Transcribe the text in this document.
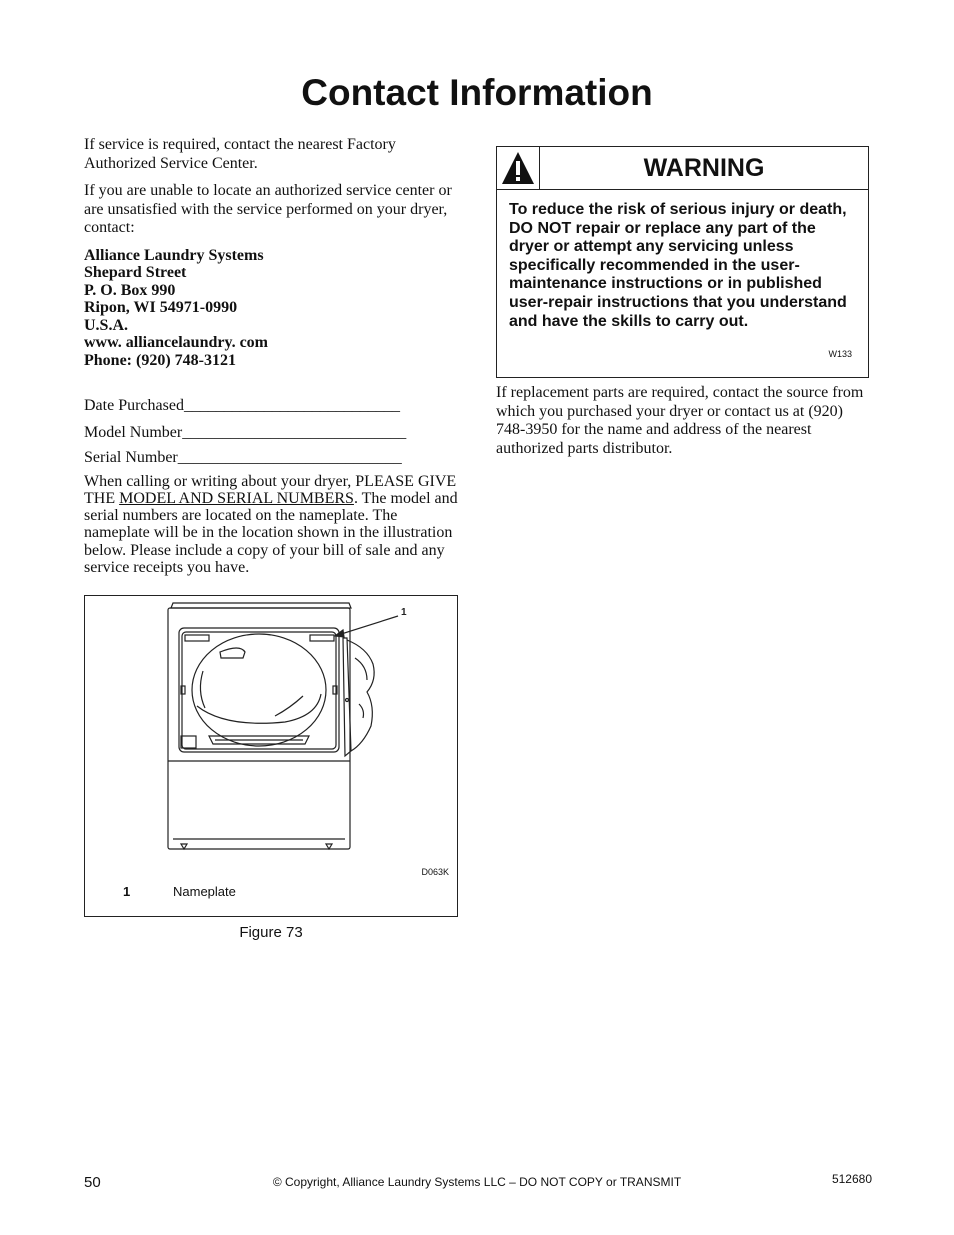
Contact Information

If service is required, contact the nearest Factory Authorized Service Center.

If you are unable to locate an authorized service center or are unsatisfied with the service performed on your dryer, contact:

Alliance Laundry Systems
Shepard Street
P. O. Box 990
Ripon, WI 54971-0990
U.S.A.
www. alliancelaundry. com
Phone: (920) 748-3121

Date Purchased___________________________

Model Number____________________________

Serial Number____________________________

When calling or writing about your dryer, PLEASE GIVE THE MODEL AND SERIAL NUMBERS. The model and serial numbers are located on the nameplate. The nameplate will be in the location shown in the illustration below. Please include a copy of your bill of sale and any service receipts you have.

1
D063K
1	Nameplate
Figure 73
WARNING
To reduce the risk of serious injury or death, DO NOT repair or replace any part of the dryer or attempt any servicing unless specifically recommended in the user-maintenance instructions or in published user-repair instructions that you understand and have the skills to carry out.
W133

If replacement parts are required, contact the source from which you purchased your dryer or contact us at (920) 748-3950 for the name and address of the nearest authorized parts distributor.

50	© Copyright, Alliance Laundry Systems LLC – DO NOT COPY or TRANSMIT	512680
